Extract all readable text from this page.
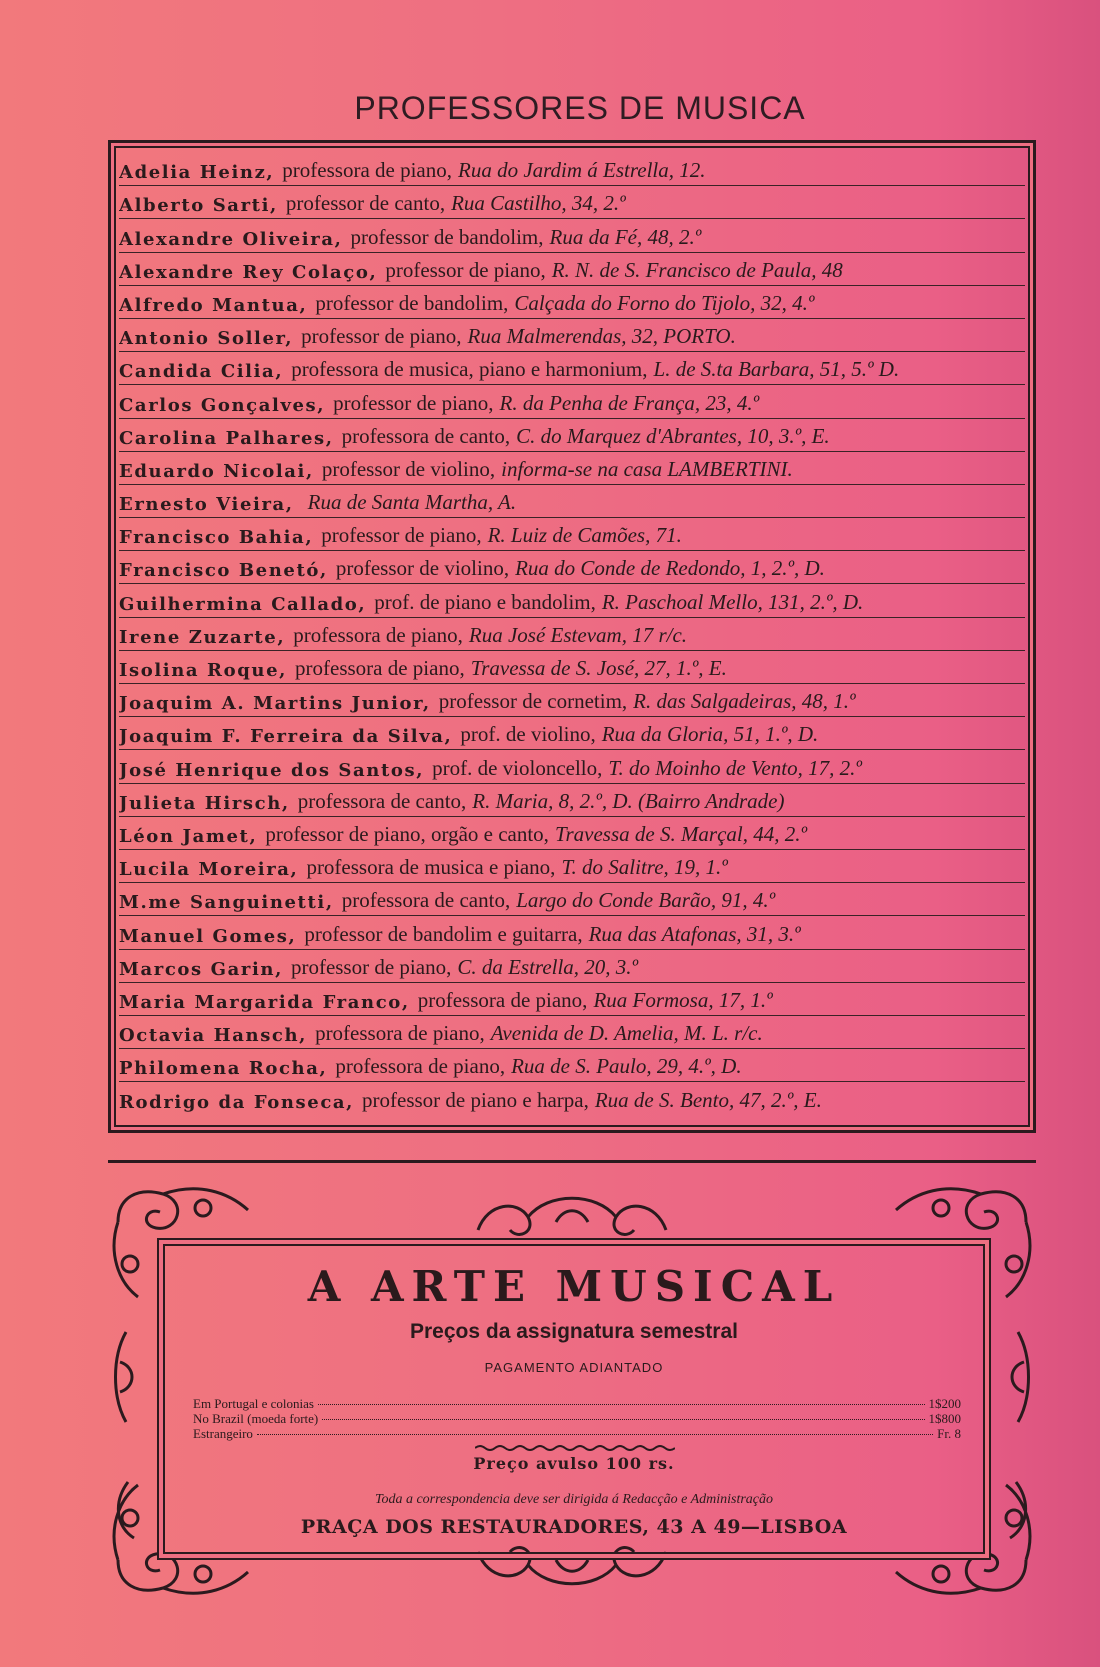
PROFESSORES DE MUSICA
Adelia Heinz, professora de piano, Rua do Jardim á Estrella, 12.
Alberto Sarti, professor de canto, Rua Castilho, 34, 2.º
Alexandre Oliveira, professor de bandolim, Rua da Fé, 48, 2.º
Alexandre Rey Colaço, professor de piano, R. N. de S. Francisco de Paula, 48
Alfredo Mantua, professor de bandolim, Calçada do Forno do Tijolo, 32, 4.º
Antonio Soller, professor de piano, Rua Malmerendas, 32, PORTO.
Candida Cilia, professora de musica, piano e harmonium, L. de S.ta Barbara, 51, 5.º D.
Carlos Gonçalves, professor de piano, R. da Penha de França, 23, 4.º
Carolina Palhares, professora de canto, C. do Marquez d'Abrantes, 10, 3.º, E.
Eduardo Nicolai, professor de violino, informa-se na casa LAMBERTINI.
Ernesto Vieira, Rua de Santa Martha, A.
Francisco Bahia, professor de piano, R. Luiz de Camões, 71.
Francisco Benetó, professor de violino, Rua do Conde de Redondo, 1, 2.º, D.
Guilhermina Callado, prof. de piano e bandolim, R. Paschoal Mello, 131, 2.º, D.
Irene Zuzarte, professora de piano, Rua José Estevam, 17 r/c.
Isolina Roque, professora de piano, Travessa de S. José, 27, 1.º, E.
Joaquim A. Martins Junior, professor de cornetim, R. das Salgadeiras, 48, 1.º
Joaquim F. Ferreira da Silva, prof. de violino, Rua da Gloria, 51, 1.º, D.
José Henrique dos Santos, prof. de violoncello, T. do Moinho de Vento, 17, 2.º
Julieta Hirsch, professora de canto, R. Maria, 8, 2.º, D. (Bairro Andrade)
Léon Jamet, professor de piano, orgão e canto, Travessa de S. Marçal, 44, 2.º
Lucila Moreira, professora de musica e piano, T. do Salitre, 19, 1.º
M.me Sanguinetti, professora de canto, Largo do Conde Barão, 91, 4.º
Manuel Gomes, professor de bandolim e guitarra, Rua das Atafonas, 31, 3.º
Marcos Garin, professor de piano, C. da Estrella, 20, 3.º
Maria Margarida Franco, professora de piano, Rua Formosa, 17, 1.º
Octavia Hansch, professora de piano, Avenida de D. Amelia, M. L. r/c.
Philomena Rocha, professora de piano, Rua de S. Paulo, 29, 4.º, D.
Rodrigo da Fonseca, professor de piano e harpa, Rua de S. Bento, 47, 2.º, E.
A ARTE MUSICAL
Preços da assignatura semestral
PAGAMENTO ADIANTADO
Em Portugal e colonias	1$200
No Brazil (moeda forte)	1$800
Estrangeiro	Fr. 8
Preço avulso 100 rs.
Toda a correspondencia deve ser dirigida á Redacção e Administração
PRAÇA DOS RESTAURADORES, 43 A 49—LISBOA
